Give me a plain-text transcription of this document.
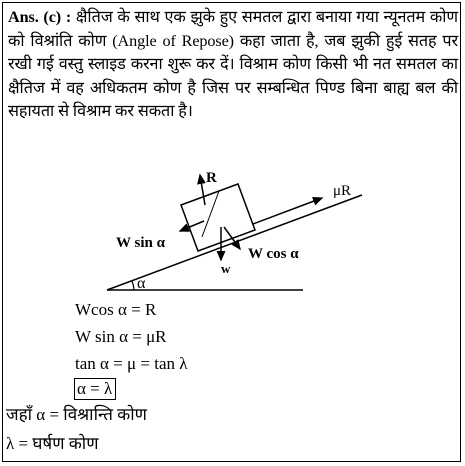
Ans. (c) : क्षैतिज के साथ एक झुके हुए समतल द्वारा बनाया गया न्यूनतम कोण को विश्रांति कोण (Angle of Repose) कहा जाता है, जब झुकी हुई सतह पर रखी गई वस्तु स्लाइड करना शुरू कर दें। विश्राम कोण किसी भी नत समतल का क्षैतिज में वह अधिकतम कोण है जिस पर सम्बन्धित पिण्ड बिना बाह्य बल की सहायता से विश्राम कर सकता है।
α
R
μR
W sin α
W cos α
w
Wcos α = R
W sin α = μR
tan α = μ = tan λ
α = λ
जहाँ α = विश्रान्ति कोण
λ = घर्षण कोण
